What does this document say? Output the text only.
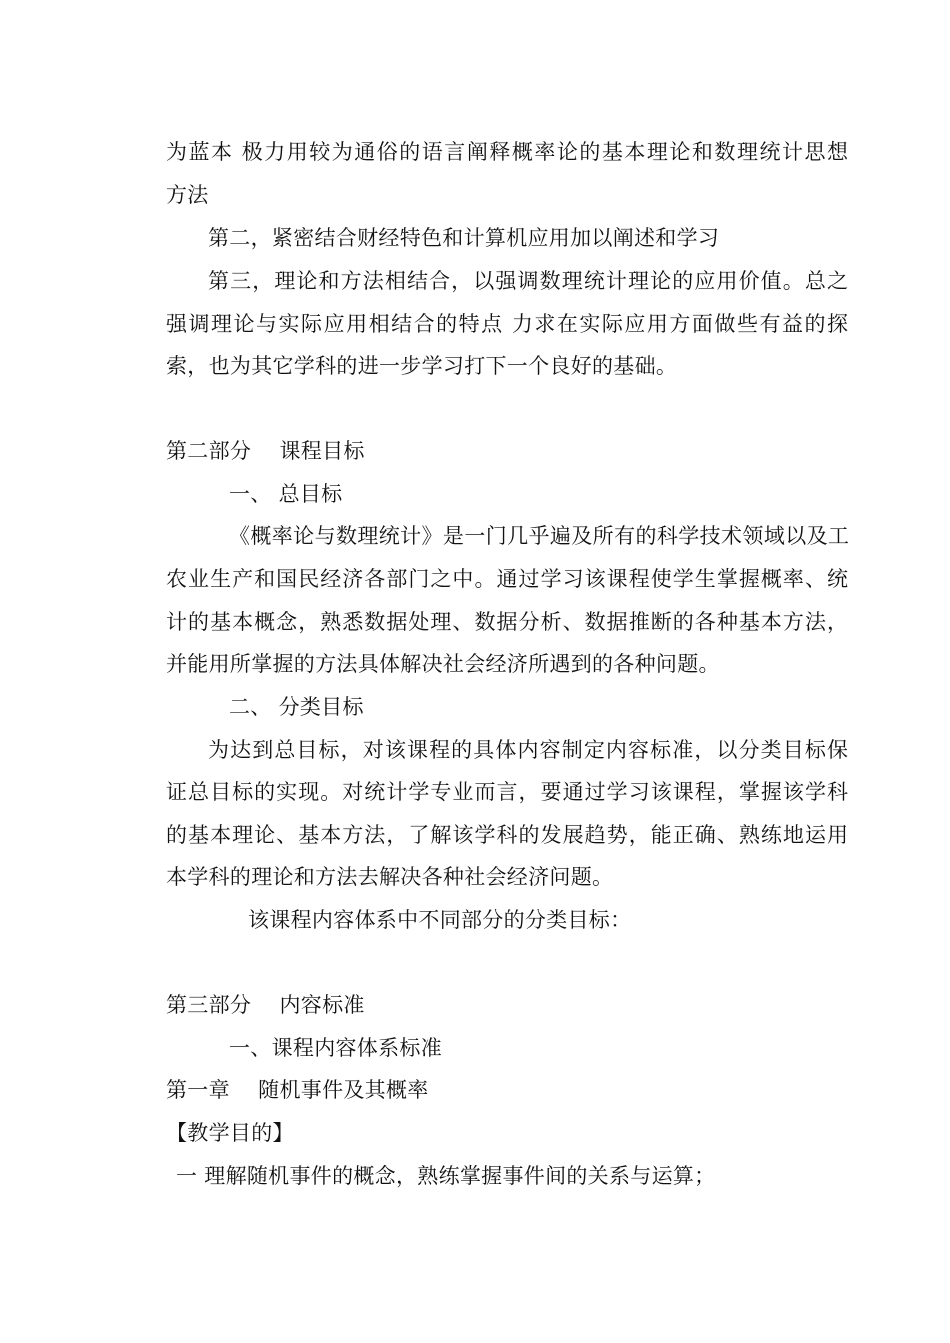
为蓝本 极力用较为通俗的语言阐释概率论的基本理论和数理统计思想
方法
第二，紧密结合财经特色和计算机应用加以阐述和学习
第三，理论和方法相结合，以强调数理统计理论的应用价值。总之
强调理论与实际应用相结合的特点 力求在实际应用方面做些有益的探
索，也为其它学科的进一步学习打下一个良好的基础。
第二部分　 课程目标
一、 总目标
《概率论与数理统计》是一门几乎遍及所有的科学技术领域以及工
农业生产和国民经济各部门之中。通过学习该课程使学生掌握概率、统
计的基本概念，熟悉数据处理、数据分析、数据推断的各种基本方法，
并能用所掌握的方法具体解决社会经济所遇到的各种问题。
二、 分类目标
为达到总目标，对该课程的具体内容制定内容标准，以分类目标保
证总目标的实现。对统计学专业而言，要通过学习该课程，掌握该学科
的基本理论、基本方法，了解该学科的发展趋势，能正确、熟练地运用
本学科的理论和方法去解决各种社会经济问题。
该课程内容体系中不同部分的分类目标：
第三部分　 内容标准
一、课程内容体系标准
第一章　 随机事件及其概率
【教学目的】
一 理解随机事件的概念，熟练掌握事件间的关系与运算；
